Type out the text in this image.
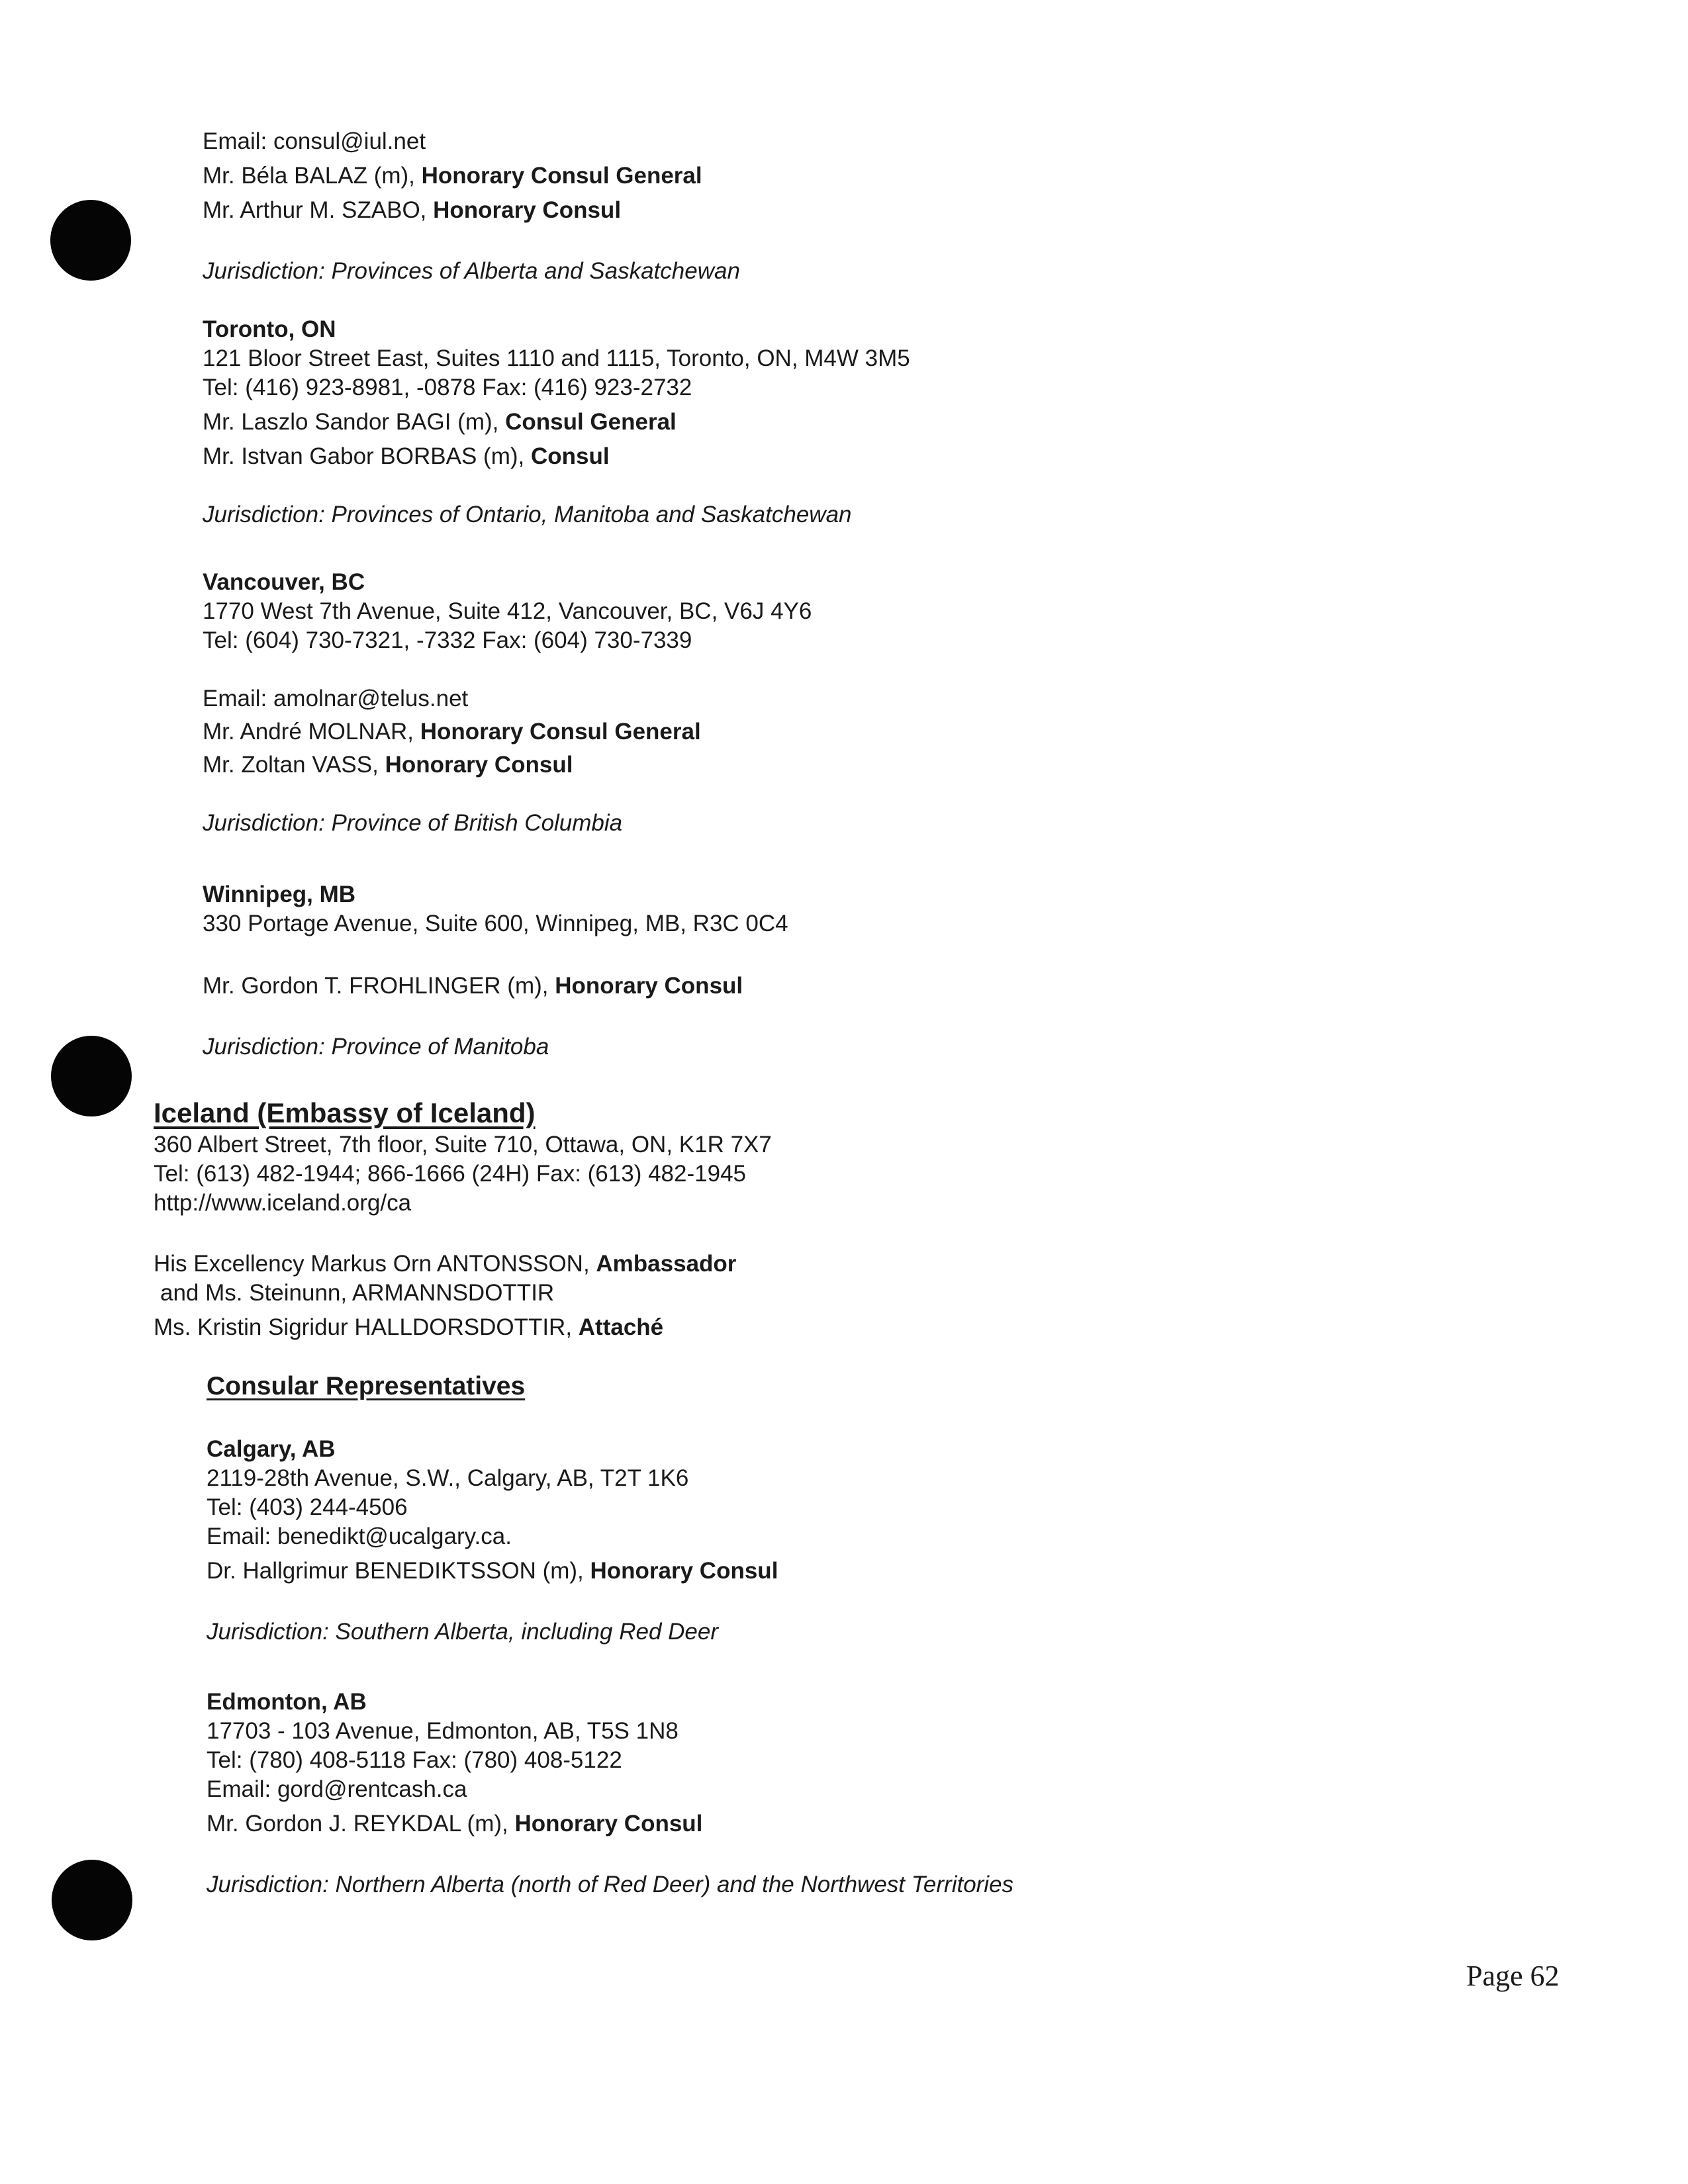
Email: consul@iul.net
Mr. Béla BALAZ (m), Honorary Consul General
Mr. Arthur M. SZABO, Honorary Consul
Jurisdiction: Provinces of Alberta and Saskatchewan
Toronto, ON
121 Bloor Street East, Suites 1110 and 1115, Toronto, ON, M4W 3M5
Tel: (416) 923-8981, -0878 Fax: (416) 923-2732
Mr. Laszlo Sandor BAGI (m), Consul General
Mr. Istvan Gabor BORBAS (m), Consul
Jurisdiction: Provinces of Ontario, Manitoba and Saskatchewan
Vancouver, BC
1770 West 7th Avenue, Suite 412, Vancouver, BC, V6J 4Y6
Tel: (604) 730-7321, -7332 Fax: (604) 730-7339
Email: amolnar@telus.net
Mr. André MOLNAR, Honorary Consul General
Mr. Zoltan VASS, Honorary Consul
Jurisdiction: Province of British Columbia
Winnipeg, MB
330 Portage Avenue, Suite 600, Winnipeg, MB, R3C 0C4
Mr. Gordon T. FROHLINGER (m), Honorary Consul
Jurisdiction: Province of Manitoba
Iceland (Embassy of Iceland)
360 Albert Street, 7th floor, Suite 710, Ottawa, ON, K1R 7X7
Tel: (613) 482-1944; 866-1666 (24H) Fax: (613) 482-1945
http://www.iceland.org/ca
His Excellency Markus Orn ANTONSSON, Ambassador
and Ms. Steinunn, ARMANNSDOTTIR
Ms. Kristin Sigridur HALLDORSDOTTIR, Attaché
Consular Representatives
Calgary, AB
2119-28th Avenue, S.W., Calgary, AB, T2T 1K6
Tel: (403) 244-4506
Email: benedikt@ucalgary.ca.
Dr. Hallgrimur BENEDIKTSSON (m), Honorary Consul
Jurisdiction: Southern Alberta, including Red Deer
Edmonton, AB
17703 - 103 Avenue, Edmonton, AB, T5S 1N8
Tel: (780) 408-5118 Fax: (780) 408-5122
Email: gord@rentcash.ca
Mr. Gordon J. REYKDAL (m), Honorary Consul
Jurisdiction: Northern Alberta (north of Red Deer) and the Northwest Territories
Page 62
